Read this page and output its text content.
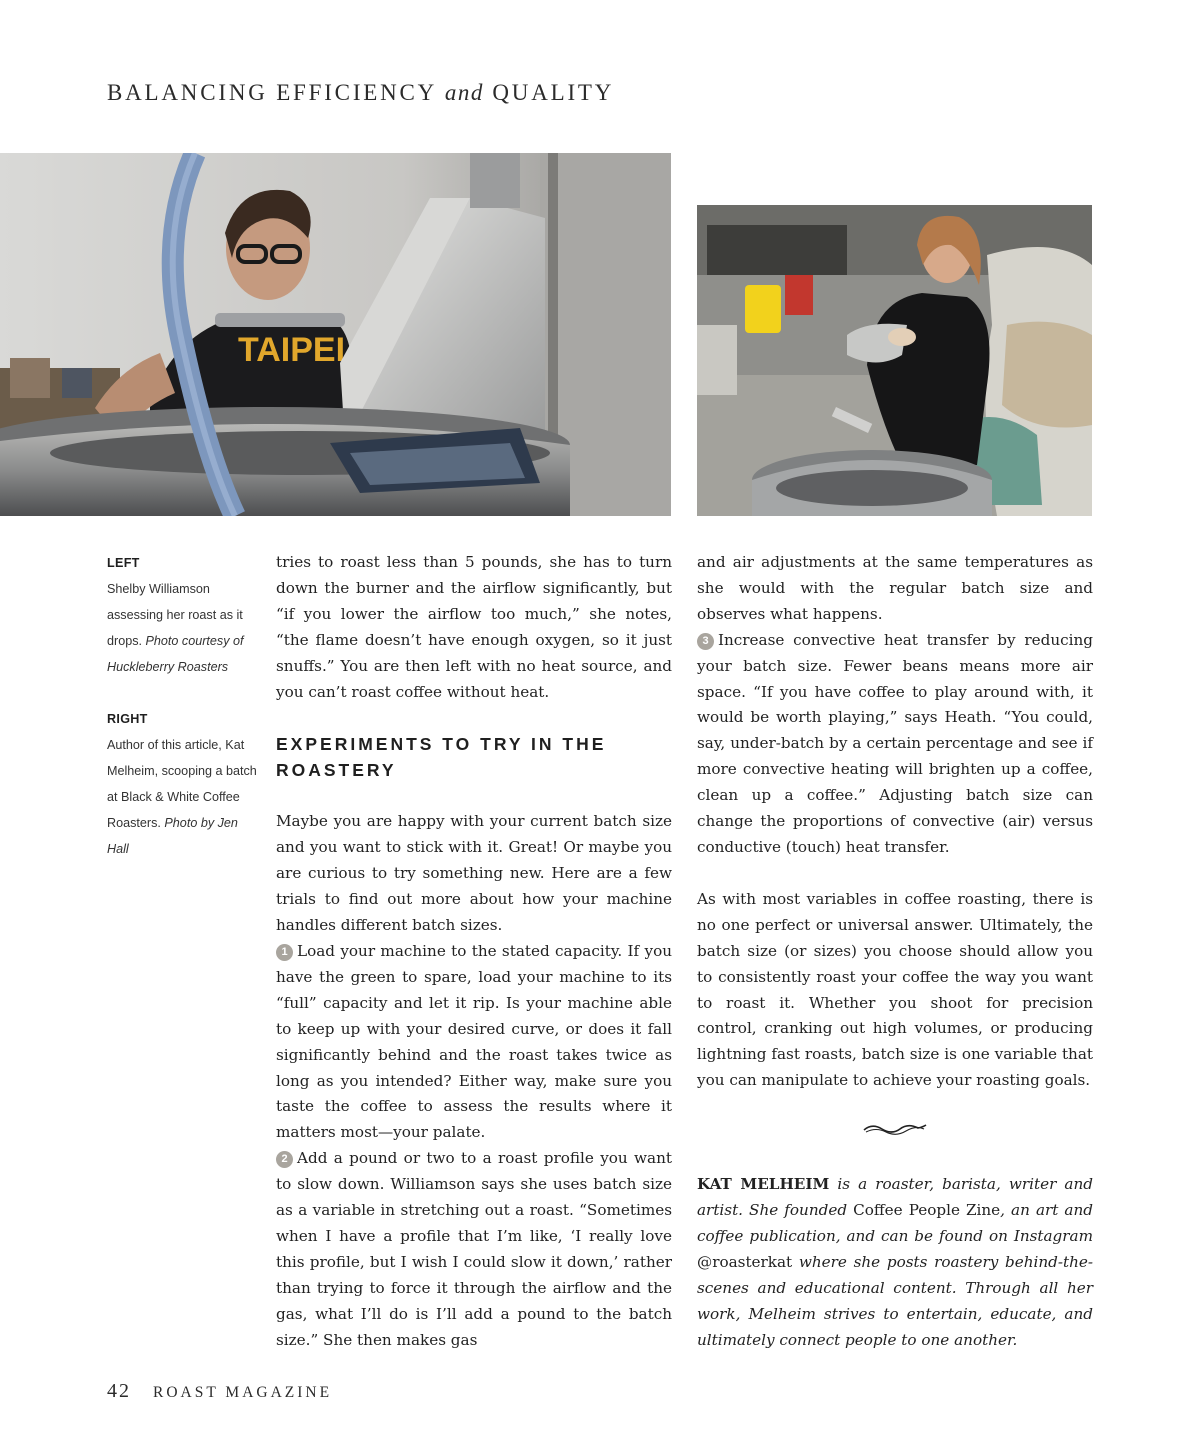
BALANCING EFFICIENCY and QUALITY
TAIPEI
LEFT
Shelby Williamson assessing her roast as it drops. Photo courtesy of Huckleberry Roasters
RIGHT
Author of this article, Kat Melheim, scooping a batch at Black & White Coffee Roasters. Photo by Jen Hall

tries to roast less than 5 pounds, she has to turn down the burner and the airflow significantly, but “if you lower the airflow too much,” she notes, “the flame doesn’t have enough oxygen, so it just snuffs.” You are then left with no heat source, and you can’t roast coffee without heat.

EXPERIMENTS TO TRY IN THE ROASTERY

Maybe you are happy with your current batch size and you want to stick with it. Great! Or maybe you are curious to try something new. Here are a few trials to find out more about how your machine handles different batch sizes.

1 Load your machine to the stated capacity. If you have the green to spare, load your machine to its “full” capacity and let it rip. Is your machine able to keep up with your desired curve, or does it fall significantly behind and the roast takes twice as long as you intended? Either way, make sure you taste the coffee to assess the results where it matters most—your palate.

2 Add a pound or two to a roast profile you want to slow down. Williamson says she uses batch size as a variable in stretching out a roast. “Sometimes when I have a profile that I’m like, ‘I really love this profile, but I wish I could slow it down,’ rather than trying to force it through the airflow and the gas, what I’ll do is I’ll add a pound to the batch size.” She then makes gas

and air adjustments at the same temperatures as she would with the regular batch size and observes what happens.

3 Increase convective heat transfer by reducing your batch size. Fewer beans means more air space. “If you have coffee to play around with, it would be worth playing,” says Heath. “You could, say, under-batch by a certain percentage and see if more convective heating will brighten up a coffee, clean up a coffee.” Adjusting batch size can change the proportions of convective (air) versus conductive (touch) heat transfer.

As with most variables in coffee roasting, there is no one perfect or universal answer. Ultimately, the batch size (or sizes) you choose should allow you to consistently roast your coffee the way you want to roast it. Whether you shoot for precision control, cranking out high volumes, or producing lightning fast roasts, batch size is one variable that you can manipulate to achieve your roasting goals.

KAT MELHEIM is a roaster, barista, writer and artist. She founded Coffee People Zine, an art and coffee publication, and can be found on Instagram @roasterkat where she posts roastery behind-the-scenes and educational content. Through all her work, Melheim strives to entertain, educate, and ultimately connect people to one another.

42 ROAST MAGAZINE
